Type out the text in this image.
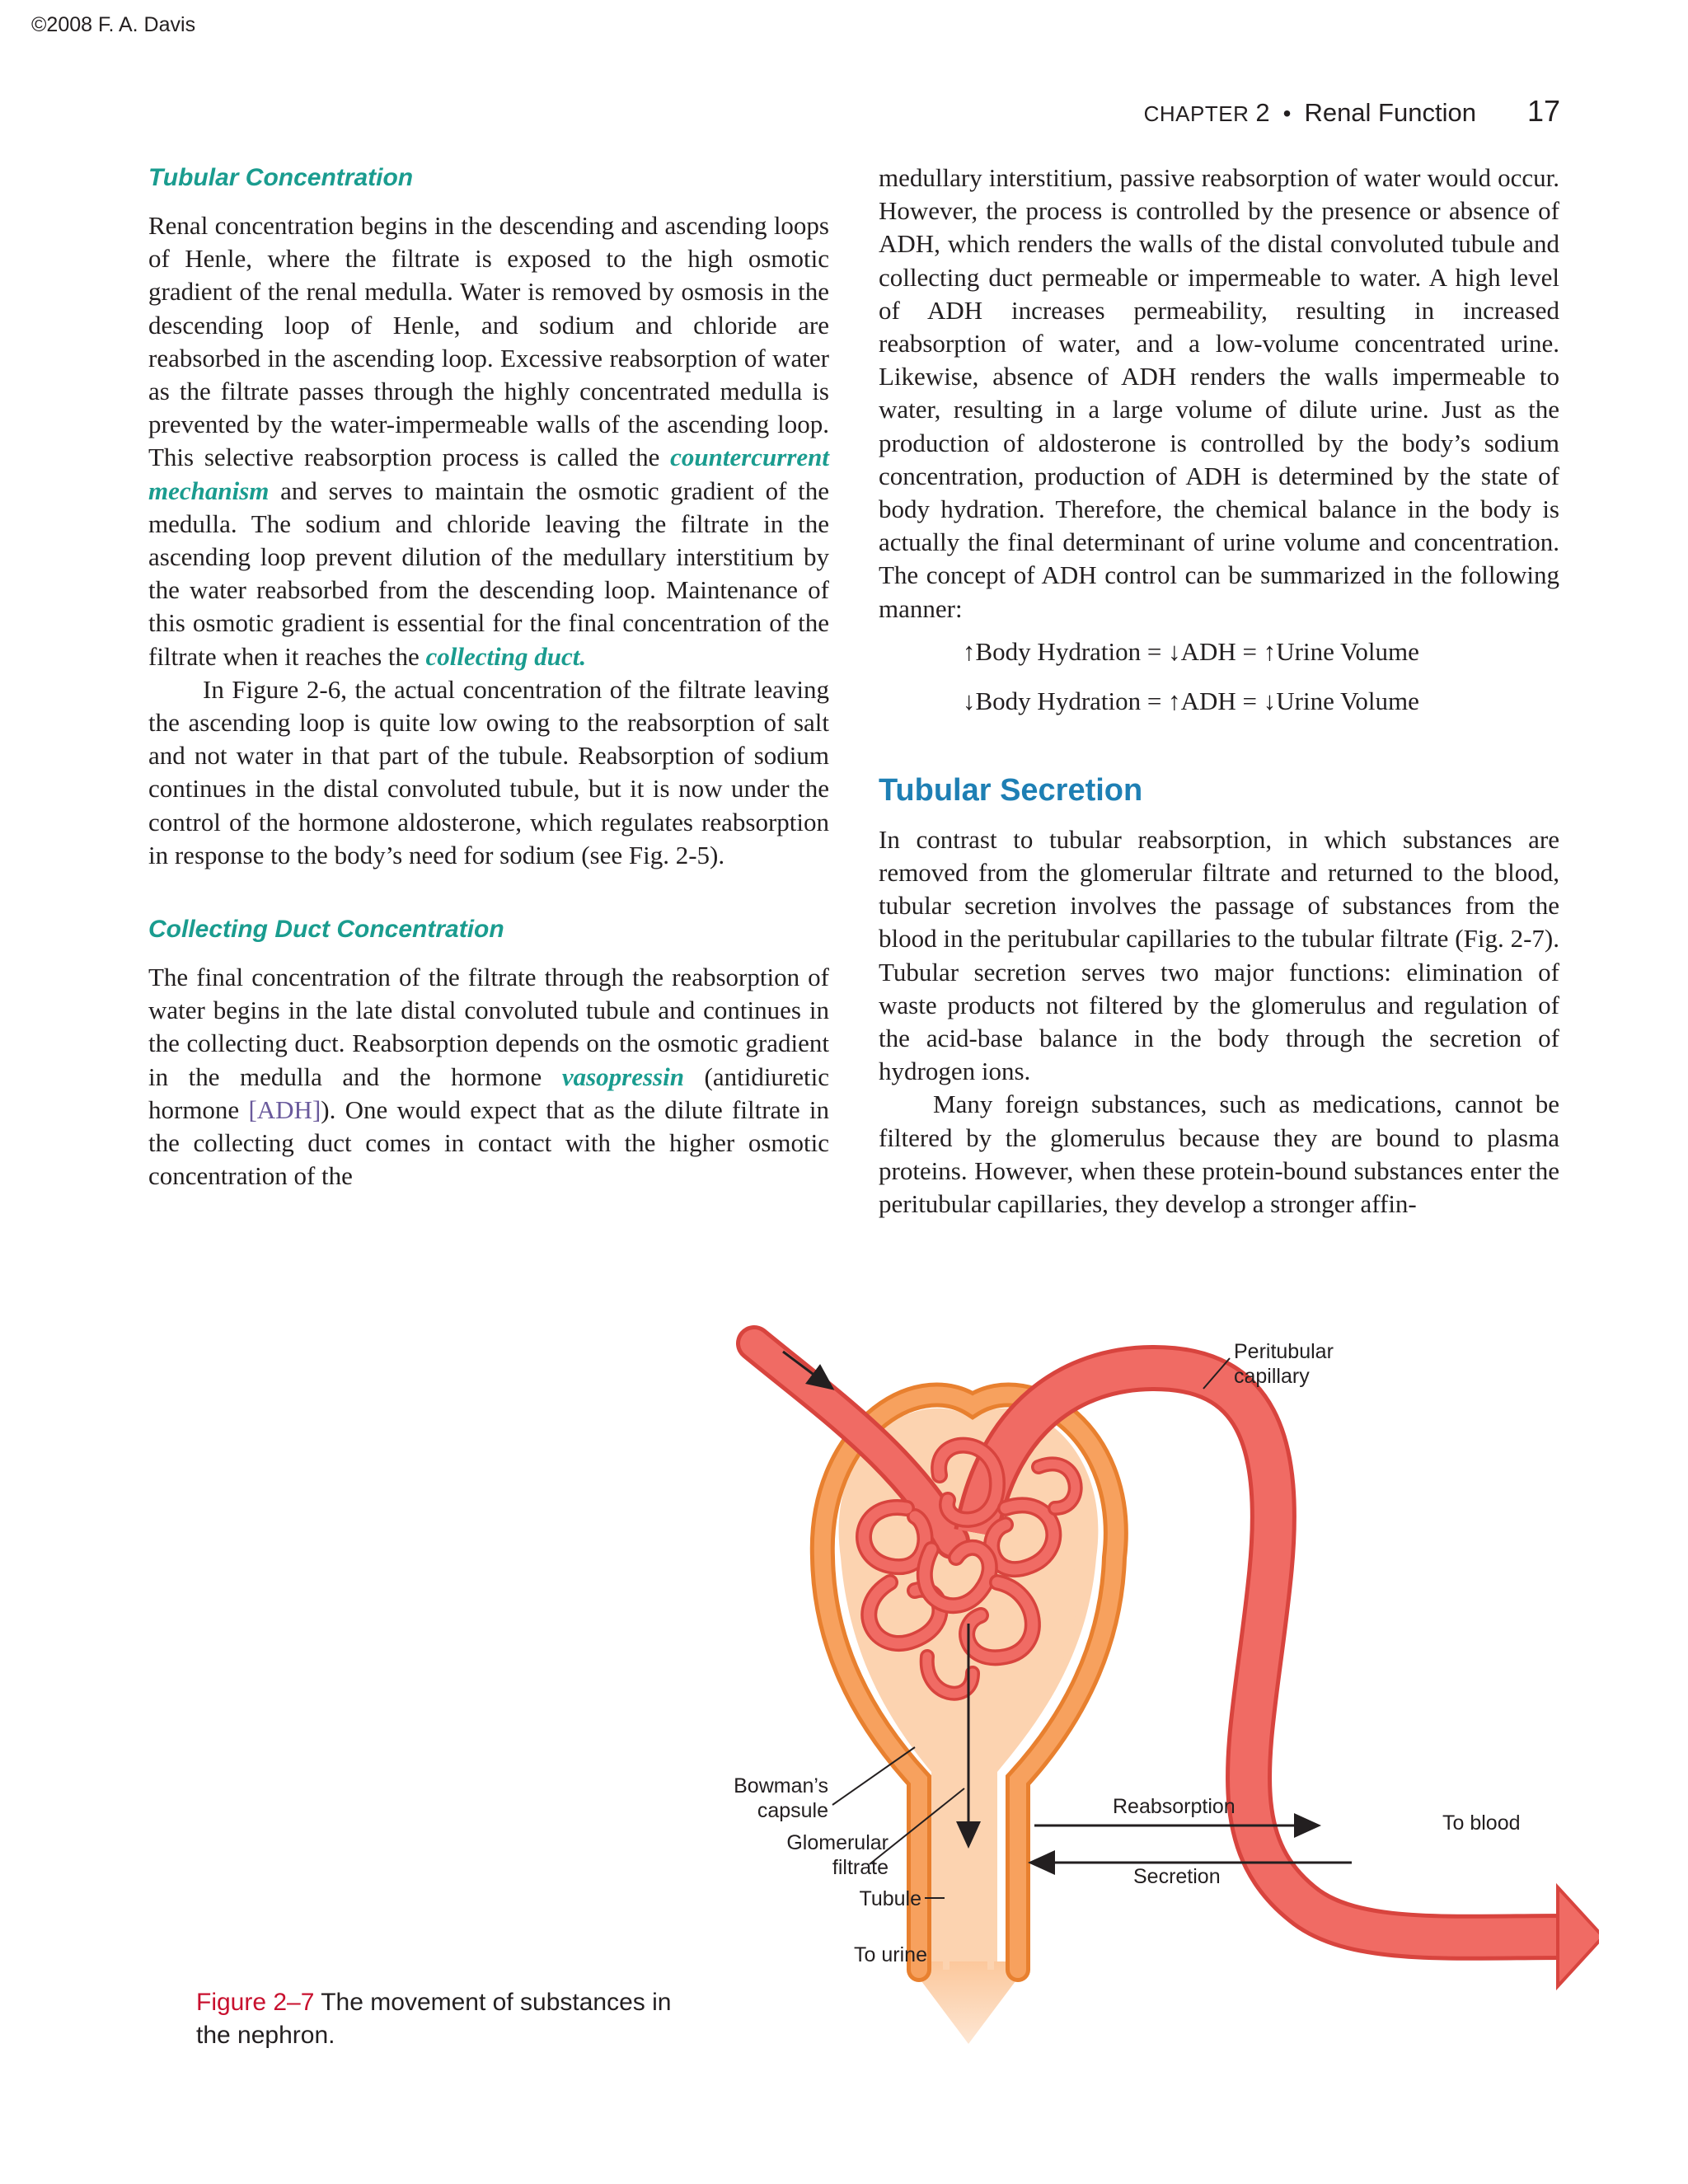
©2008 F. A. Davis
CHAPTER 2 • Renal Function 17
Tubular Concentration

Renal concentration begins in the descending and ascending loops of Henle, where the filtrate is exposed to the high osmotic gradient of the renal medulla. Water is removed by osmosis in the descending loop of Henle, and sodium and chloride are reabsorbed in the ascending loop. Excessive reabsorption of water as the filtrate passes through the highly concentrated medulla is prevented by the water-impermeable walls of the ascending loop. This selective reabsorption process is called the countercurrent mechanism and serves to maintain the osmotic gradient of the medulla. The sodium and chloride leaving the filtrate in the ascending loop prevent dilution of the medullary interstitium by the water reabsorbed from the descending loop. Maintenance of this osmotic gradient is essential for the final concentration of the filtrate when it reaches the collecting duct.

In Figure 2-6, the actual concentration of the filtrate leaving the ascending loop is quite low owing to the reabsorption of salt and not water in that part of the tubule. Reabsorption of sodium continues in the distal convoluted tubule, but it is now under the control of the hormone aldosterone, which regulates reabsorption in response to the body’s need for sodium (see Fig. 2-5).

Collecting Duct Concentration

The final concentration of the filtrate through the reabsorption of water begins in the late distal convoluted tubule and continues in the collecting duct. Reabsorption depends on the osmotic gradient in the medulla and the hormone vasopressin (antidiuretic hormone [ADH]). One would expect that as the dilute filtrate in the collecting duct comes in contact with the higher osmotic concentration of the

medullary interstitium, passive reabsorption of water would occur. However, the process is controlled by the presence or absence of ADH, which renders the walls of the distal convoluted tubule and collecting duct permeable or impermeable to water. A high level of ADH increases permeability, resulting in increased reabsorption of water, and a low-volume concentrated urine. Likewise, absence of ADH renders the walls impermeable to water, resulting in a large volume of dilute urine. Just as the production of aldosterone is controlled by the body’s sodium concentration, production of ADH is determined by the state of body hydration. Therefore, the chemical balance in the body is actually the final determinant of urine volume and concentration. The concept of ADH control can be summarized in the following manner:

↑Body Hydration = ↓ADH = ↑Urine Volume
↓Body Hydration = ↑ADH = ↓Urine Volume
Tubular Secretion

In contrast to tubular reabsorption, in which substances are removed from the glomerular filtrate and returned to the blood, tubular secretion involves the passage of substances from the blood in the peritubular capillaries to the tubular filtrate (Fig. 2-7). Tubular secretion serves two major functions: elimination of waste products not filtered by the glomerulus and regulation of the acid-base balance in the body through the secretion of hydrogen ions.

Many foreign substances, such as medications, cannot be filtered by the glomerulus because they are bound to plasma proteins. However, when these protein-bound substances enter the peritubular capillaries, they develop a stronger affin-

Peritubular
capillary
Bowman’s
capsule
Glomerular
filtrate
Tubule
To urine
Reabsorption
Secretion
To blood
Figure 2–7 The movement of substances in the nephron.
